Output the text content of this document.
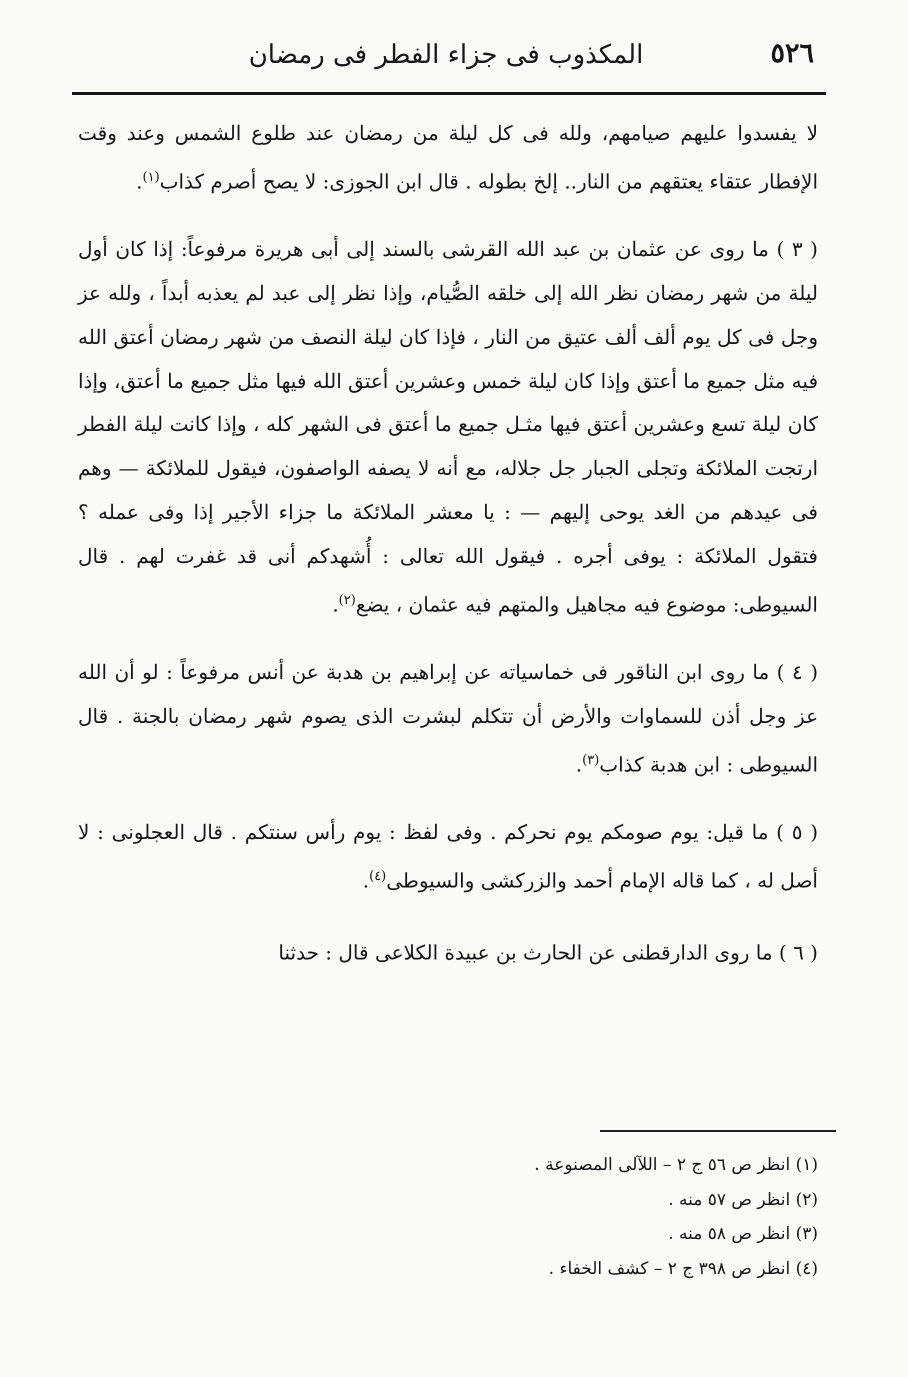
٥٢٦
المكذوب فى جزاء الفطر فى رمضان

لا يفسدوا عليهم صيامهم، ولله فى كل ليلة من رمضان عند طلوع الشمس وعند وقت الإفطار عتقاء يعتقهم من النار.. إلخ بطوله . قال ابن الجوزى: لا يصح أصرم كذاب$^{(١)}$.

( ٣ ) ما روى عن عثمان بن عبد الله القرشى بالسند إلى أبى هريرة مرفوعاً: إذا كان أول ليلة من شهر رمضان نظر الله إلى خلقه الصُّيام، وإذا نظر إلى عبد لم يعذبه أبداً ، ولله عز وجل فى كل يوم ألف ألف عتيق من النار ، فإذا كان ليلة النصف من شهر رمضان أعتق الله فيه مثل جميع ما أعتق وإذا كان ليلة خمس وعشرين أعتق الله فيها مثل جميع ما أعتق، وإذا كان ليلة تسع وعشرين أعتق فيها مثـل جميع ما أعتق فى الشهر كله ، وإذا كانت ليلة الفطر ارتجت الملائكة وتجلى الجبار جل جلاله، مع أنه لا يصفه الواصفون، فيقول للملائكة — وهم فى عيدهم من الغد يوحى إليهم — : يا معشر الملائكة ما جزاء الأجير إذا وفى عمله ؟ فتقول الملائكة : يوفى أجره . فيقول الله تعالى : أُشهدكم أنى قد غفرت لهم . قال السيوطى: موضوع فيه مجاهيل والمتهم فيه عثمان ، يضع$^{(٢)}$.

( ٤ ) ما روى ابن الناقور فى خماسياته عن إبراهيم بن هدبة عن أنس مرفوعاً : لو أن الله عز وجل أذن للسماوات والأرض أن تتكلم لبشرت الذى يصوم شهر رمضان بالجنة . قال السيوطى : ابن هدبة كذاب$^{(٣)}$.

( ٥ ) ما قيل: يوم صومكم يوم نحركم . وفى لفظ : يوم رأس سنتكم . قال العجلونى : لا أصل له ، كما قاله الإمام أحمد والزركشى والسيوطى$^{(٤)}$.

( ٦ ) ما روى الدارقطنى عن الحارث بن عبيدة الكلاعى قال : حدثنا

(١) انظر ص ٥٦ ج ٢ – اللآلى المصنوعة .
(٢) انظر ص ٥٧ منه .
(٣) انظر ص ٥٨ منه .
(٤) انظر ص ٣٩٨ ج ٢ – كشف الخفاء .
